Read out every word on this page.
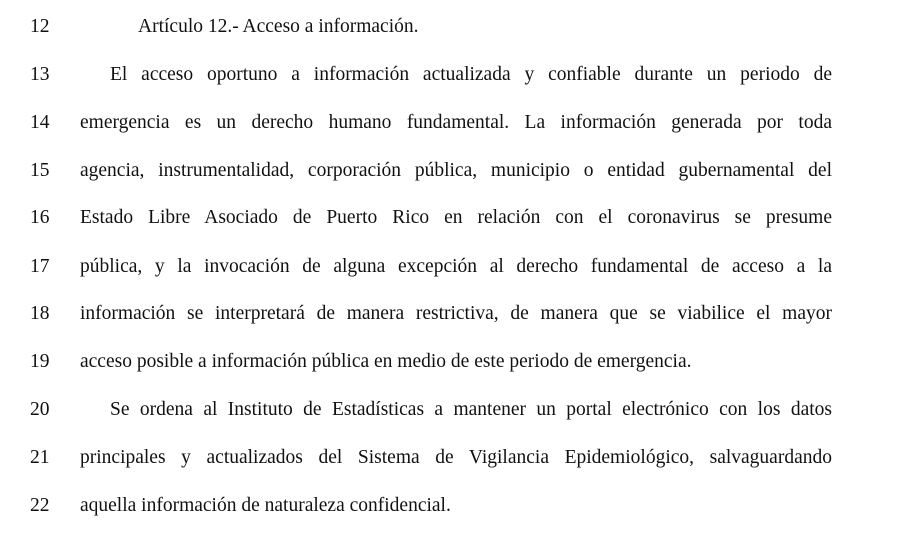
12	Artículo 12.- Acceso a información.
13	El acceso oportuno a información actualizada y confiable durante un periodo de
14	emergencia es un derecho humano fundamental. La información generada por toda
15	agencia, instrumentalidad, corporación pública, municipio o entidad gubernamental del
16	Estado Libre Asociado de Puerto Rico en relación con el coronavirus se presume
17	pública, y la invocación de alguna excepción al derecho fundamental de acceso a la
18	información se interpretará de manera restrictiva, de manera que se viabilice el mayor
19	acceso posible a información pública en medio de este periodo de emergencia.
20	Se ordena al Instituto de Estadísticas a mantener un portal electrónico con los datos
21	principales y actualizados del Sistema de Vigilancia Epidemiológico, salvaguardando
22	aquella información de naturaleza confidencial.
